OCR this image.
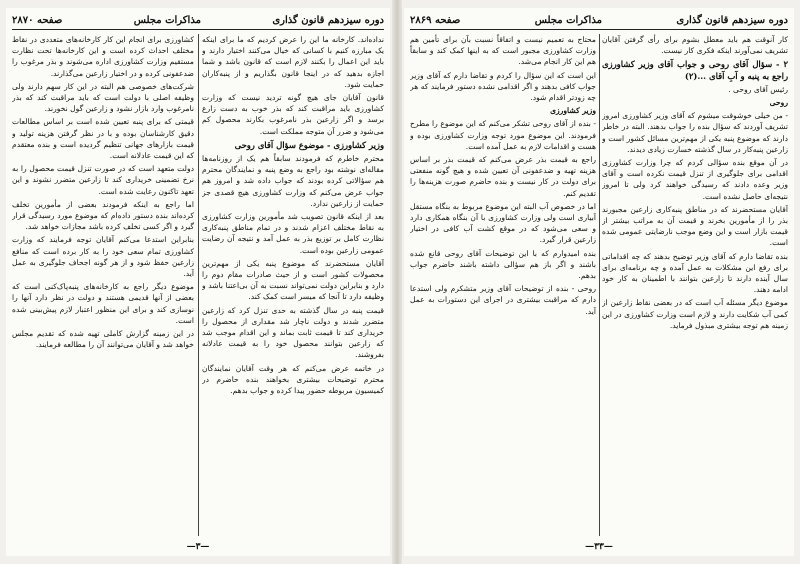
دوره سیزدهم قانون گذاری
مذاکرات مجلس
صفحه ۲۸۷۰

نداده‌اند. کارخانه ما این را عرض کردیم که ما برای اینکه یک مبارزه کنیم با کسانی که خیال می‌کنند اختیار دارند و باید این اعمال را بکنند لازم است که قانون باشد و شما اجازه بدهید که در اینجا قانون بگذاریم و از پنبه‌کاران حمایت شود.

قانون آقایان جای هیچ گونه تردید نیست که وزارت کشاورزی باید مراقبت کند که بذر خوب به دست زارع برسد و اگر زارعین بذر نامرغوب بکارند محصول کم می‌شود و ضرر آن متوجه مملکت است.

وزیر کشاورزی - موضوع سؤال آقای روحی

محترم خاطرم که فرمودند سابقاً هم یک از روزنامه‌ها مقاله‌ای نوشته بود راجع به وضع پنبه و نمایندگان محترم هم سؤالاتی کرده بودند که جواب داده شد و امروز هم جواب عرض می‌کنم که وزارت کشاورزی هیچ قصدی جز حمایت از زارعین ندارد.

بعد از اینکه قانون تصویب شد مأمورین وزارت کشاورزی به نقاط مختلف اعزام شدند و در تمام مناطق پنبه‌کاری نظارت کامل بر توزیع بذر به عمل آمد و نتیجه آن رضایت عمومی زارعین بوده است.

آقایان مستحضرند که موضوع پنبه یکی از مهم‌ترین محصولات کشور است و از حیث صادرات مقام دوم را دارد و بنابراین دولت نمی‌تواند نسبت به آن بی‌اعتنا باشد و وظیفه دارد تا آنجا که میسر است کمک کند.

قیمت پنبه در سال گذشته به حدی تنزل کرد که زارعین متضرر شدند و دولت ناچار شد مقداری از محصول را خریداری کند تا قیمت ثابت بماند و این اقدام موجب شد که زارعین بتوانند محصول خود را به قیمت عادلانه بفروشند.

در خاتمه عرض می‌کنم که هر وقت آقایان نمایندگان محترم توضیحات بیشتری بخواهند بنده حاضرم در کمیسیون مربوطه حضور پیدا کرده و جواب بدهم.

کشاورزی برای انجام این کار کارخانه‌های متعددی در نقاط مختلف احداث کرده است و این کارخانه‌ها تحت نظارت مستقیم وزارت کشاورزی اداره می‌شوند و بذر مرغوب را ضدعفونی کرده و در اختیار زارعین می‌گذارند.

شرکت‌های خصوصی هم البته در این کار سهم دارند ولی وظیفه اصلی با دولت است که باید مراقبت کند که بذر نامرغوب وارد بازار نشود و زارعین گول نخورند.

قیمتی که برای پنبه تعیین شده است بر اساس مطالعات دقیق کارشناسان بوده و با در نظر گرفتن هزینه تولید و قیمت بازارهای جهانی تنظیم گردیده است و بنده معتقدم که این قیمت عادلانه است.

دولت متعهد است که در صورت تنزل قیمت محصول را به نرخ تضمینی خریداری کند تا زارعین متضرر نشوند و این تعهد تاکنون رعایت شده است.

اما راجع به اینکه فرمودند بعضی از مأمورین تخلف کرده‌اند بنده دستور داده‌ام که موضوع مورد رسیدگی قرار گیرد و اگر کسی تخلف کرده باشد مجازات خواهد شد.

بنابراین استدعا می‌کنم آقایان توجه فرمایند که وزارت کشاورزی تمام سعی خود را به کار برده است که منافع زارعین حفظ شود و از هر گونه اجحاف جلوگیری به عمل آید.

موضوع دیگر راجع به کارخانه‌های پنبه‌پاک‌کنی است که بعضی از آنها قدیمی هستند و دولت در نظر دارد آنها را نوسازی کند و برای این منظور اعتبار لازم پیش‌بینی شده است.

در این زمینه گزارش کاملی تهیه شده که تقدیم مجلس خواهد شد و آقایان می‌توانند آن را مطالعه فرمایند.

—۳—
دوره سیزدهم قانون گذاری
مذاکرات مجلس
صفحه ۲۸۶۹

کار آنوقت هم باید معطل بشوم برای رأی گرفتن آقایان تشریف نمی‌آورند اینکه فکری کار نیست.

۲ - سؤال آقای روحی و جواب آقای وزیر کشاورزی راجع به پنبه و آبِ آقای ...(۲)

رئیس آقای روحی .

روحی

- من خیلی خوشوقت میشوم که آقای وزیر کشاورزی امروز تشریف آوردند که سؤال بنده را جواب بدهند. البته در خاطر دارند که موضوع پنبه یکی از مهم‌ترین مسائل کشور است و زارعین پنبه‌کار در سال گذشته خسارت زیادی دیدند.

در آن موقع بنده سؤالی کردم که چرا وزارت کشاورزی اقدامی برای جلوگیری از تنزل قیمت نکرده است و آقای وزیر وعده دادند که رسیدگی خواهند کرد ولی تا امروز نتیجه‌ای حاصل نشده است.

آقایان مستحضرند که در مناطق پنبه‌کاری زارعین مجبورند بذر را از مأمورین بخرند و قیمت آن به مراتب بیشتر از قیمت بازار است و این وضع موجب نارضایتی عمومی شده است.

بنده تقاضا دارم که آقای وزیر توضیح بدهند که چه اقداماتی برای رفع این مشکلات به عمل آمده و چه برنامه‌ای برای سال آینده دارند تا زارعین بتوانند با اطمینان به کار خود ادامه دهند.

موضوع دیگر مسئله آب است که در بعضی نقاط زارعین از کمی آب شکایت دارند و لازم است وزارت کشاورزی در این زمینه هم توجه بیشتری مبذول فرماید.

محتاج به تعمیم نیست و اتفاقاً نسبت بآن برای تأمین هم وزارت کشاورزی مجبور است که به اینها کمک کند و سابقاً هم این کار انجام می‌شد.

این است که این سؤال را کردم و تقاضا دارم که آقای وزیر جواب کافی بدهند و اگر اقدامی نشده دستور فرمایند که هر چه زودتر اقدام شود.

وزیر کشاورزی

- بنده از آقای روحی تشکر می‌کنم که این موضوع را مطرح فرمودند. این موضوع مورد توجه وزارت کشاورزی بوده و هست و اقدامات لازم به عمل آمده است.

راجع به قیمت بذر عرض می‌کنم که قیمت بذر بر اساس هزینه تهیه و ضدعفونی آن تعیین شده و هیچ گونه منفعتی برای دولت در کار نیست و بنده حاضرم صورت هزینه‌ها را تقدیم کنم.

اما در خصوص آب البته این موضوع مربوط به بنگاه مستقل آبیاری است ولی وزارت کشاورزی با آن بنگاه همکاری دارد و سعی می‌شود که در موقع کشت آب کافی در اختیار زارعین قرار گیرد.

بنده امیدوارم که با این توضیحات آقای روحی قانع شده باشند و اگر باز هم سؤالی داشته باشند حاضرم جواب بدهم.

روحی - بنده از توضیحات آقای وزیر متشکرم ولی استدعا دارم که مراقبت بیشتری در اجرای این دستورات به عمل آید.

—۳۳—
